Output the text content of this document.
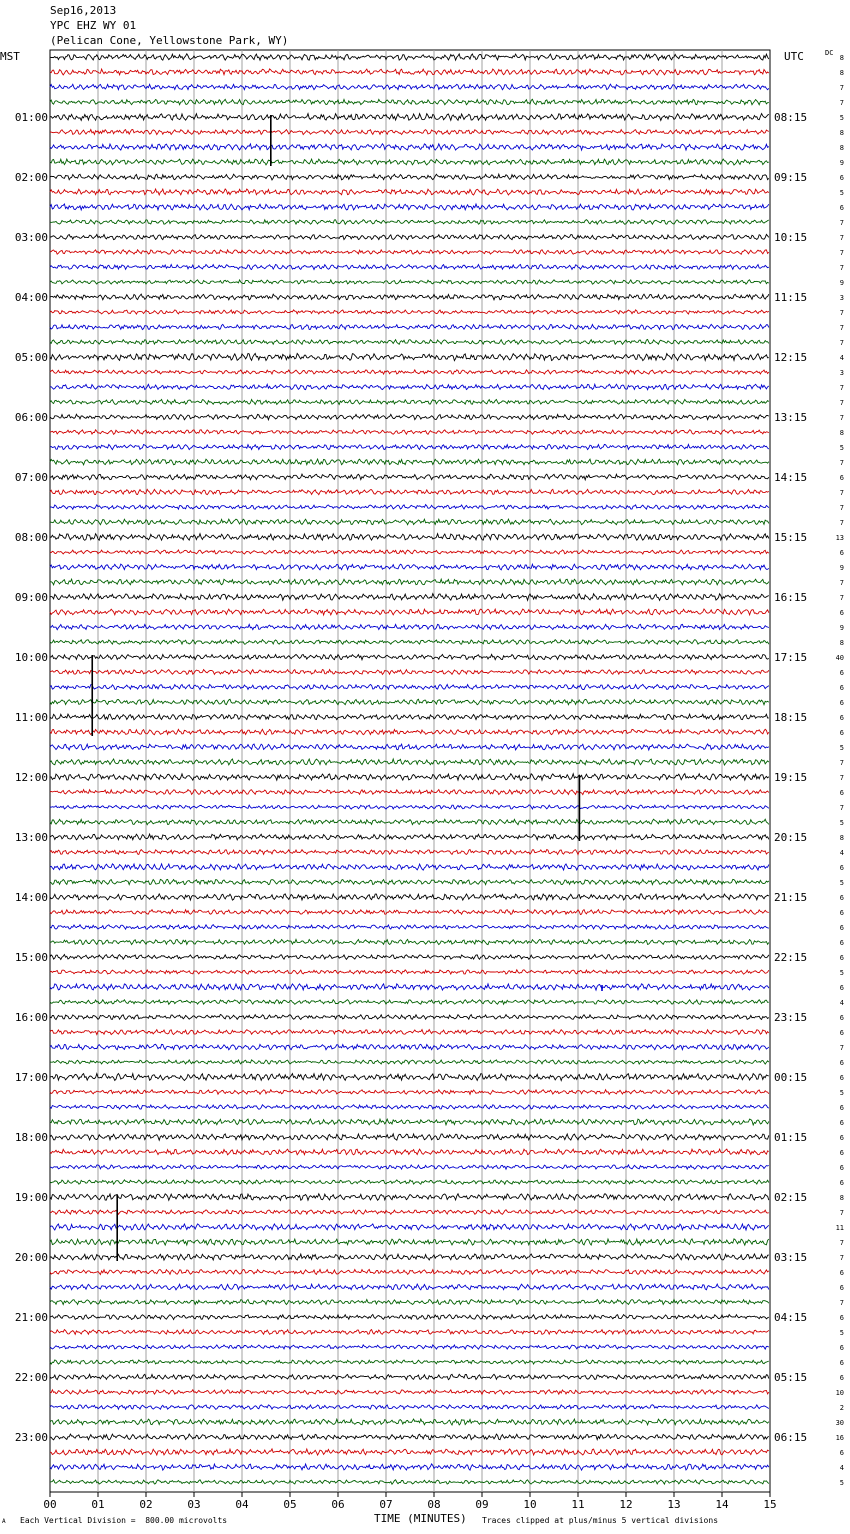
01:00
02:00
03:00
04:00
05:00
06:00
07:00
08:00
09:00
10:00
11:00
12:00
13:00
14:00
15:00
16:00
17:00
18:00
19:00
20:00
21:00
22:00
23:00
08:15
09:15
10:15
11:15
12:15
13:15
14:15
15:15
16:15
17:15
18:15
19:15
20:15
21:15
22:15
23:15
00:15
01:15
02:15
03:15
04:15
05:15
06:15
8
8
7
7
5
8
8
9
6
5
6
7
7
7
7
9
3
7
7
7
4
3
7
7
7
8
5
7
6
7
7
7
13
6
9
7
7
6
9
8
40
6
6
6
6
6
5
7
7
6
7
5
8
4
6
5
6
6
6
6
6
5
6
4
6
6
7
6
6
5
6
6
6
6
6
6
8
7
11
7
7
6
6
7
6
5
6
6
6
10
2
30
16
6
4
5
00	01	02	03	04	05	06	07	08	09	10	11	12	13	14	15
Sep16,2013
YPC EHZ WY 01
(Pelican Cone, Yellowstone Park, WY)
MST	UTC	DC
A Each Vertical Division =  800.00 microvolts	TIME (MINUTES) Traces clipped at plus/minus 5 vertical divisions
